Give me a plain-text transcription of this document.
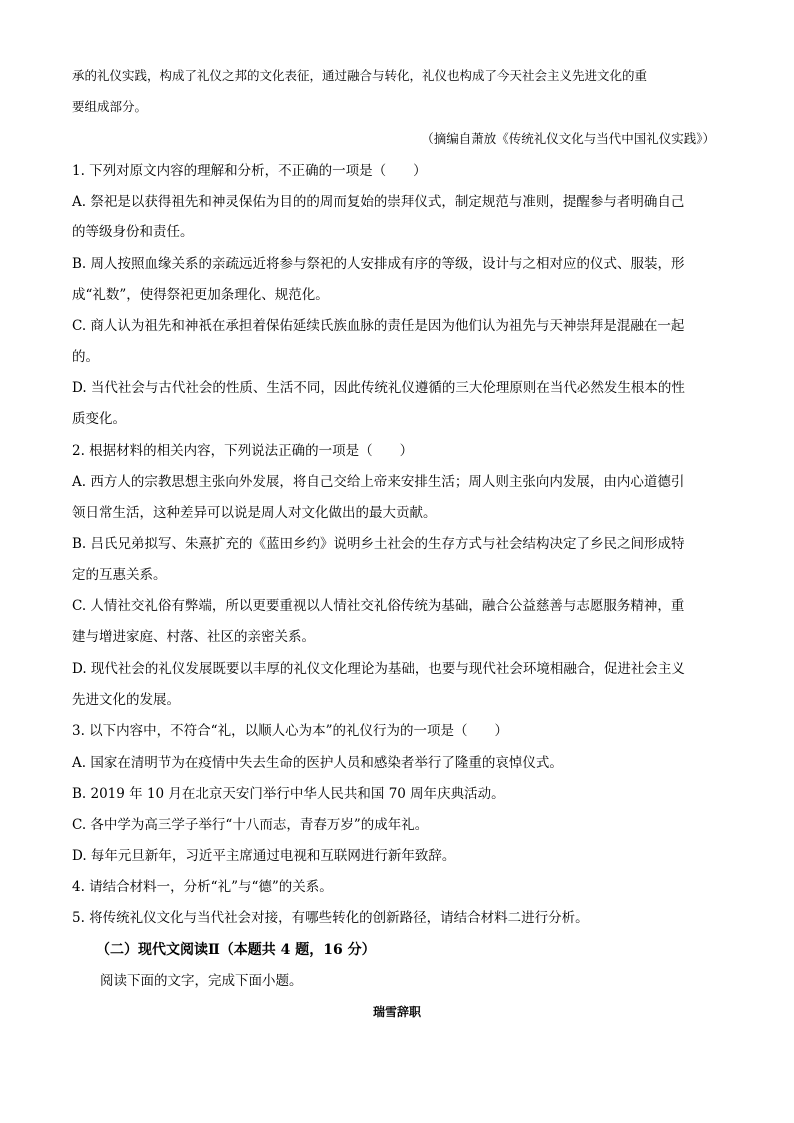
承的礼仪实践，构成了礼仪之邦的文化表征，通过融合与转化，礼仪也构成了今天社会主义先进文化的重
要组成部分。
（摘编自萧放《传统礼仪文化与当代中国礼仪实践》）
1. 下列对原文内容的理解和分析，不正确的一项是（　　）
A. 祭祀是以获得祖先和神灵保佑为目的的周而复始的崇拜仪式，制定规范与准则，提醒参与者明确自己
的等级身份和责任。
B. 周人按照血缘关系的亲疏远近将参与祭祀的人安排成有序的等级，设计与之相对应的仪式、服装，形
成“礼数”，使得祭祀更加条理化、规范化。
C. 商人认为祖先和神祇在承担着保佑延续氏族血脉的责任是因为他们认为祖先与天神崇拜是混融在一起
的。
D. 当代社会与古代社会的性质、生活不同，因此传统礼仪遵循的三大伦理原则在当代必然发生根本的性
质变化。
2. 根据材料的相关内容，下列说法正确的一项是（　　）
A. 西方人的宗教思想主张向外发展，将自己交给上帝来安排生活；周人则主张向内发展，由内心道德引
领日常生活，这种差异可以说是周人对文化做出的最大贡献。
B. 吕氏兄弟拟写、朱熹扩充的《蓝田乡约》说明乡土社会的生存方式与社会结构决定了乡民之间形成特
定的互惠关系。
C. 人情社交礼俗有弊端，所以更要重视以人情社交礼俗传统为基础，融合公益慈善与志愿服务精神，重
建与增进家庭、村落、社区的亲密关系。
D. 现代社会的礼仪发展既要以丰厚的礼仪文化理论为基础，也要与现代社会环境相融合，促进社会主义
先进文化的发展。
3. 以下内容中，不符合“礼，以顺人心为本”的礼仪行为的一项是（　　）
A. 国家在清明节为在疫情中失去生命的医护人员和感染者举行了隆重的哀悼仪式。
B. 2019 年 10 月在北京天安门举行中华人民共和国 70 周年庆典活动。
C. 各中学为高三学子举行“十八而志，青春万岁”的成年礼。
D. 每年元旦新年，习近平主席通过电视和互联网进行新年致辞。
4. 请结合材料一，分析“礼”与“德”的关系。
5. 将传统礼仪文化与当代社会对接，有哪些转化的创新路径，请结合材料二进行分析。
（二）现代文阅读Ⅱ（本题共 4 题，16 分）
阅读下面的文字，完成下面小题。
瑞雪辞职
